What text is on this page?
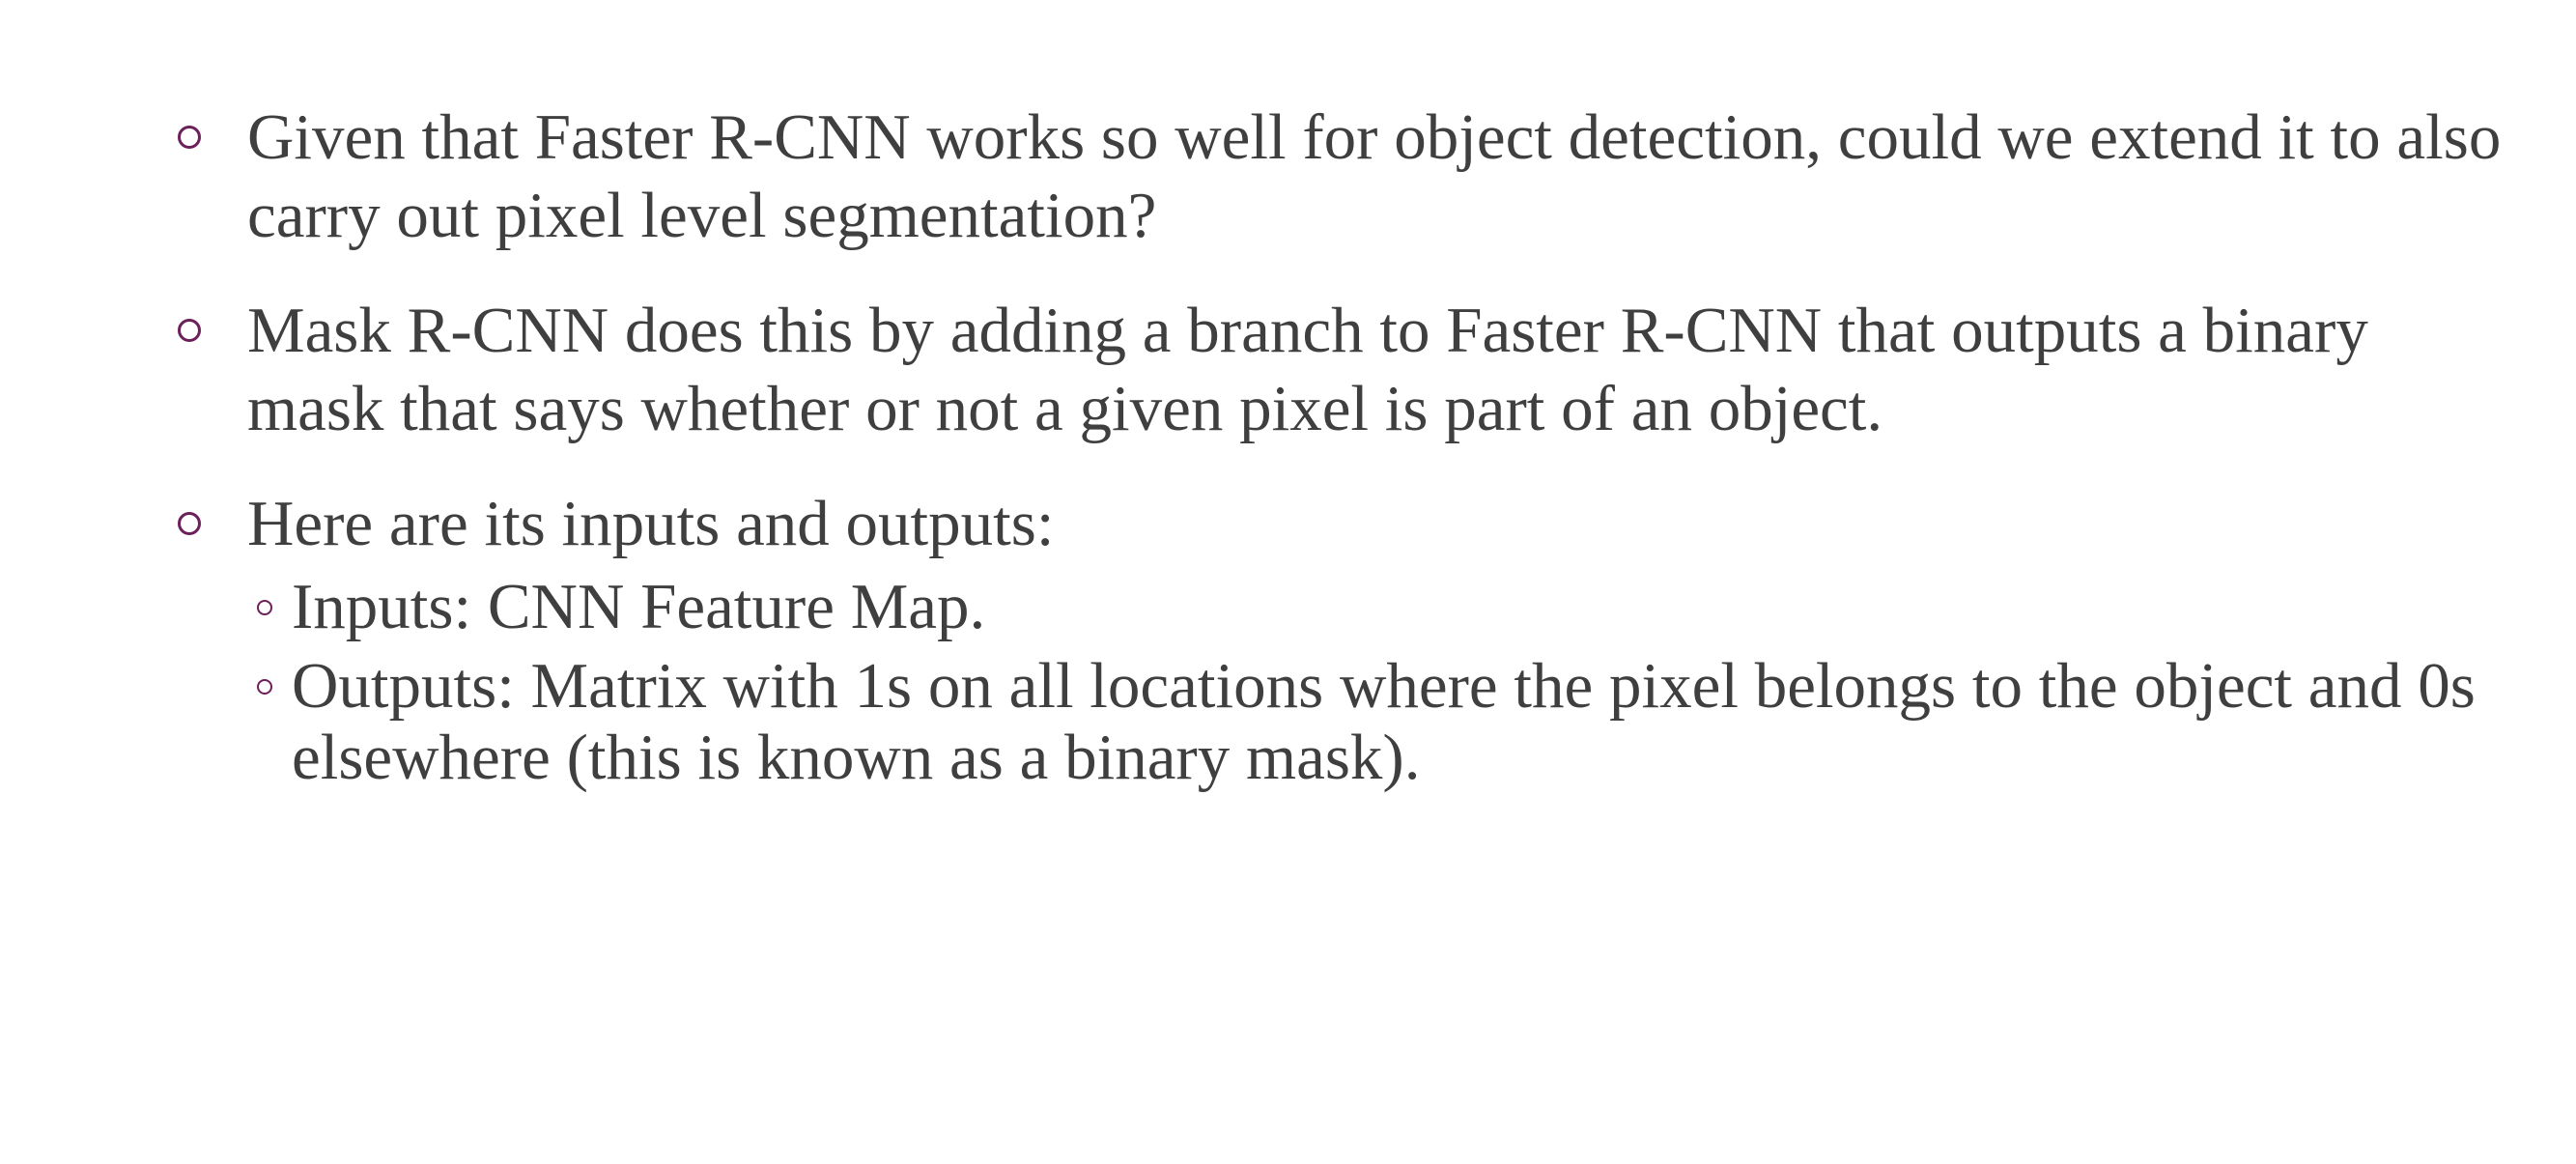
Given that Faster R-CNN works so well for object detection, could we extend it to also carry out pixel level segmentation?
Mask R-CNN does this by adding a branch to Faster R-CNN that outputs a binary mask that says whether or not a given pixel is part of an object.
Here are its inputs and outputs:
Inputs: CNN Feature Map.
Outputs: Matrix with 1s on all locations where the pixel belongs to the object and 0s elsewhere (this is known as a binary mask).
